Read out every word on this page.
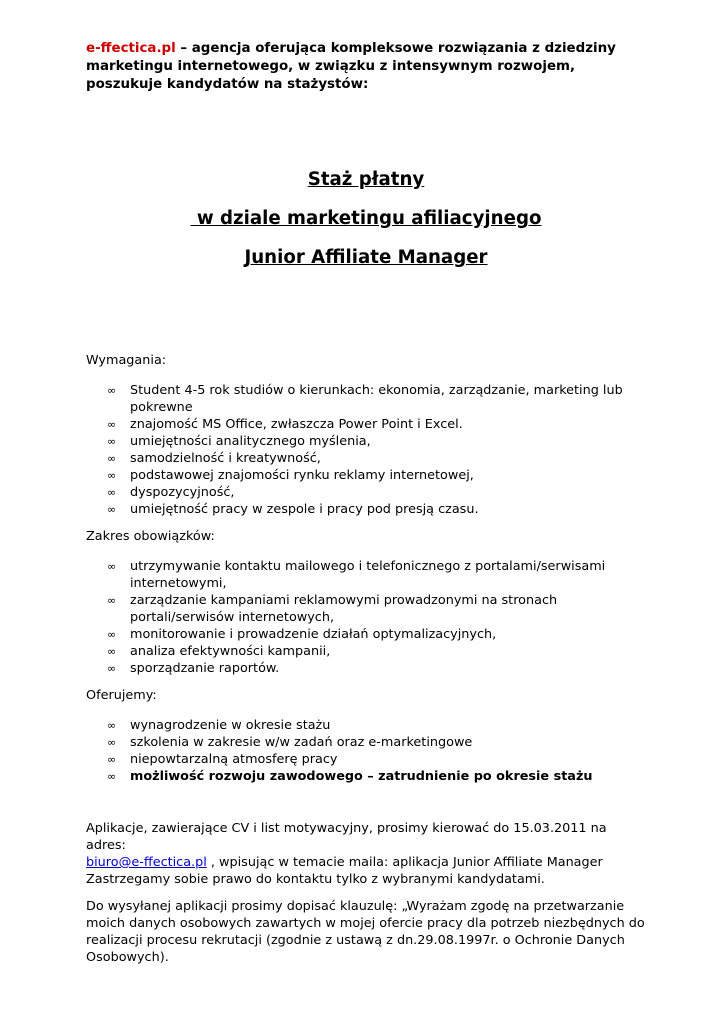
e-ffectica.pl – agencja oferująca kompleksowe rozwiązania z dziedziny marketingu internetowego, w związku z intensywnym rozwojem, poszukuje kandydatów na stażystów:

Staż płatny

w dziale marketingu afiliacyjnego

Junior Affiliate Manager

Wymagania:

∞ Student 4-5 rok studiów o kierunkach: ekonomia, zarządzanie, marketing lub pokrewne
∞ znajomość MS Office, zwłaszcza Power Point i Excel.
∞ umiejętności analitycznego myślenia,
∞ samodzielność i kreatywność,
∞ podstawowej znajomości rynku reklamy internetowej,
∞ dyspozycyjność,
∞ umiejętność pracy w zespole i pracy pod presją czasu.

Zakres obowiązków:

∞ utrzymywanie kontaktu mailowego i telefonicznego z portalami/serwisami internetowymi,
∞ zarządzanie kampaniami reklamowymi prowadzonymi na stronach portali/serwisów internetowych,
∞ monitorowanie i prowadzenie działań optymalizacyjnych,
∞ analiza efektywności kampanii,
∞ sporządzanie raportów.

Oferujemy:

∞ wynagrodzenie w okresie stażu
∞ szkolenia w zakresie w/w zadań oraz e-marketingowe
∞ niepowtarzalną atmosferę pracy
∞ możliwość rozwoju zawodowego – zatrudnienie po okresie stażu

Aplikacje, zawierające CV i list motywacyjny, prosimy kierować do 15.03.2011 na adres:
biuro@e-ffectica.pl , wpisując w temacie maila: aplikacja Junior Affiliate Manager
Zastrzegamy sobie prawo do kontaktu tylko z wybranymi kandydatami.

Do wysyłanej aplikacji prosimy dopisać klauzulę: „Wyrażam zgodę na przetwarzanie moich danych osobowych zawartych w mojej ofercie pracy dla potrzeb niezbędnych do realizacji procesu rekrutacji (zgodnie z ustawą z dn.29.08.1997r. o Ochronie Danych Osobowych).
